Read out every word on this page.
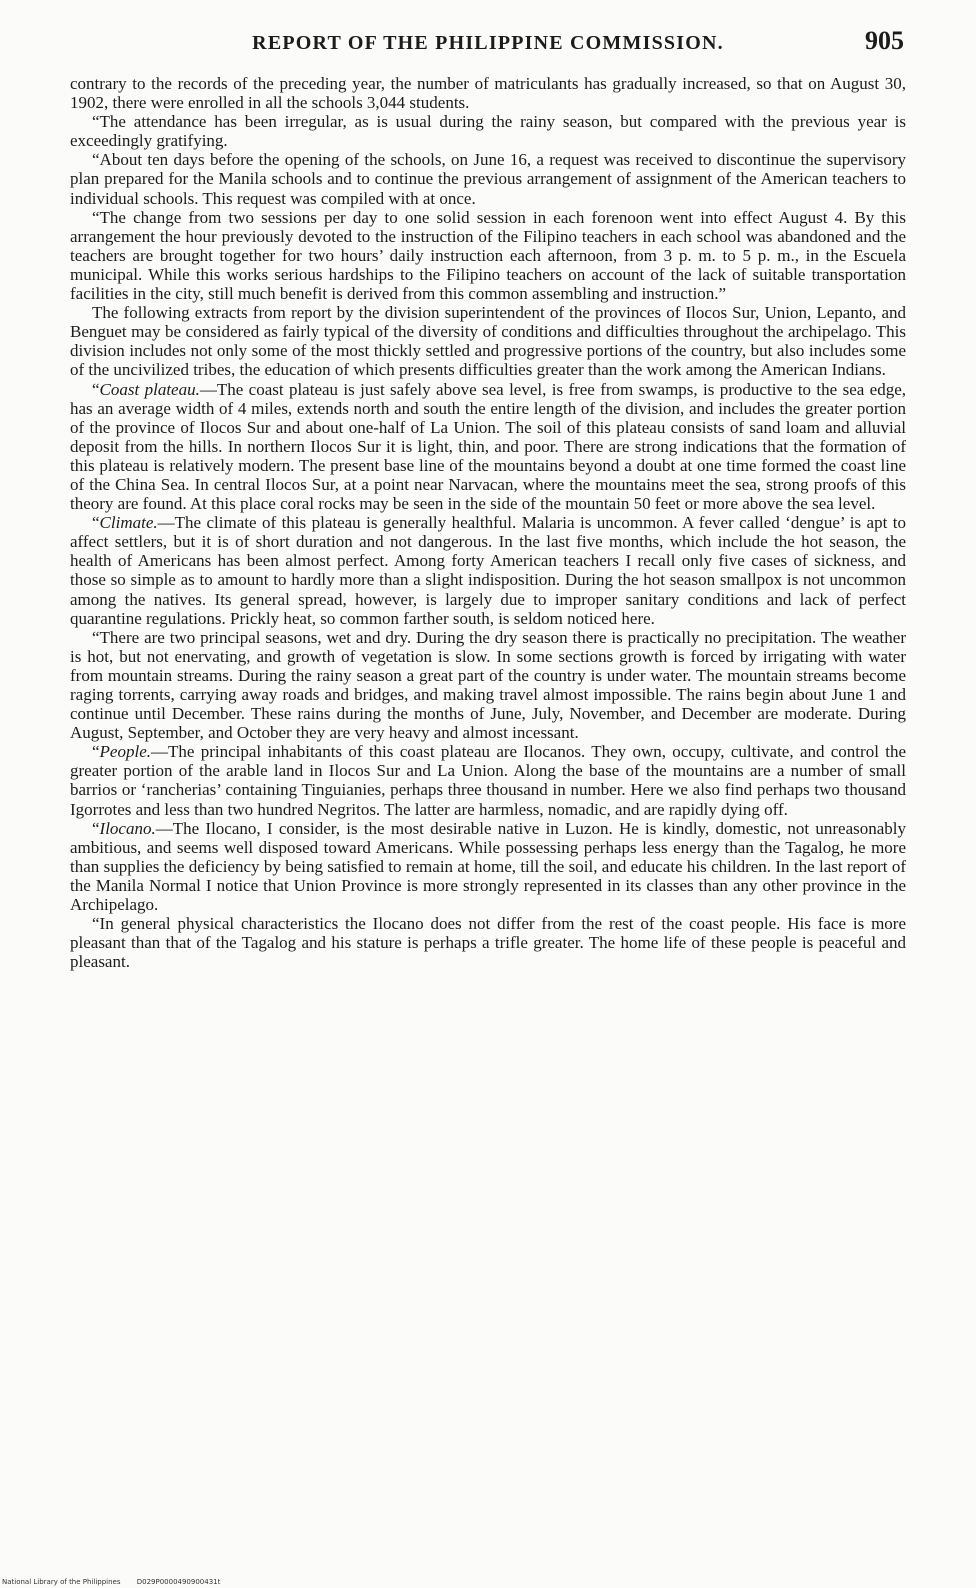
REPORT OF THE PHILIPPINE COMMISSION.	905

contrary to the records of the preceding year, the number of matriculants has gradually increased, so that on August 30, 1902, there were enrolled in all the schools 3,044 students.

“The attendance has been irregular, as is usual during the rainy season, but compared with the previous year is exceedingly gratifying.

“About ten days before the opening of the schools, on June 16, a request was received to discontinue the supervisory plan prepared for the Manila schools and to continue the previous arrangement of assignment of the American teachers to individual schools. This request was compiled with at once.

“The change from two sessions per day to one solid session in each forenoon went into effect August 4. By this arrangement the hour previously devoted to the instruction of the Filipino teachers in each school was abandoned and the teachers are brought together for two hours’ daily instruction each afternoon, from 3 p. m. to 5 p. m., in the Escuela municipal. While this works serious hardships to the Filipino teachers on account of the lack of suitable transportation facilities in the city, still much benefit is derived from this common assembling and instruction.”

The following extracts from report by the division superintendent of the provinces of Ilocos Sur, Union, Lepanto, and Benguet may be considered as fairly typical of the diversity of conditions and difficulties throughout the archipelago. This division includes not only some of the most thickly settled and progressive portions of the country, but also includes some of the uncivilized tribes, the education of which presents difficulties greater than the work among the American Indians.

“Coast plateau.—The coast plateau is just safely above sea level, is free from swamps, is productive to the sea edge, has an average width of 4 miles, extends north and south the entire length of the division, and includes the greater portion of the province of Ilocos Sur and about one-half of La Union. The soil of this plateau consists of sand loam and alluvial deposit from the hills. In northern Ilocos Sur it is light, thin, and poor. There are strong indications that the formation of this plateau is relatively modern. The present base line of the mountains beyond a doubt at one time formed the coast line of the China Sea. In central Ilocos Sur, at a point near Narvacan, where the mountains meet the sea, strong proofs of this theory are found. At this place coral rocks may be seen in the side of the mountain 50 feet or more above the sea level.

“Climate.—The climate of this plateau is generally healthful. Malaria is uncommon. A fever called ‘dengue’ is apt to affect settlers, but it is of short duration and not dangerous. In the last five months, which include the hot season, the health of Americans has been almost perfect. Among forty American teachers I recall only five cases of sickness, and those so simple as to amount to hardly more than a slight indisposition. During the hot season smallpox is not uncommon among the natives. Its general spread, however, is largely due to improper sanitary conditions and lack of perfect quarantine regulations. Prickly heat, so common farther south, is seldom noticed here.

“There are two principal seasons, wet and dry. During the dry season there is practically no precipitation. The weather is hot, but not enervating, and growth of vegetation is slow. In some sections growth is forced by irrigating with water from mountain streams. During the rainy season a great part of the country is under water. The mountain streams become raging torrents, carrying away roads and bridges, and making travel almost impossible. The rains begin about June 1 and continue until December. These rains during the months of June, July, November, and December are moderate. During August, September, and October they are very heavy and almost incessant.

“People.—The principal inhabitants of this coast plateau are Ilocanos. They own, occupy, cultivate, and control the greater portion of the arable land in Ilocos Sur and La Union. Along the base of the mountains are a number of small barrios or ‘rancherias’ containing Tinguianies, perhaps three thousand in number. Here we also find perhaps two thousand Igorrotes and less than two hundred Negritos. The latter are harmless, nomadic, and are rapidly dying off.

“Ilocano.—The Ilocano, I consider, is the most desirable native in Luzon. He is kindly, domestic, not unreasonably ambitious, and seems well disposed toward Americans. While possessing perhaps less energy than the Tagalog, he more than supplies the deficiency by being satisfied to remain at home, till the soil, and educate his children. In the last report of the Manila Normal I notice that Union Province is more strongly represented in its classes than any other province in the Archipelago.

“In general physical characteristics the Ilocano does not differ from the rest of the coast people. His face is more pleasant than that of the Tagalog and his stature is perhaps a trifle greater. The home life of these people is peaceful and pleasant.

National Library of the Philippines D029P0000490900431t
